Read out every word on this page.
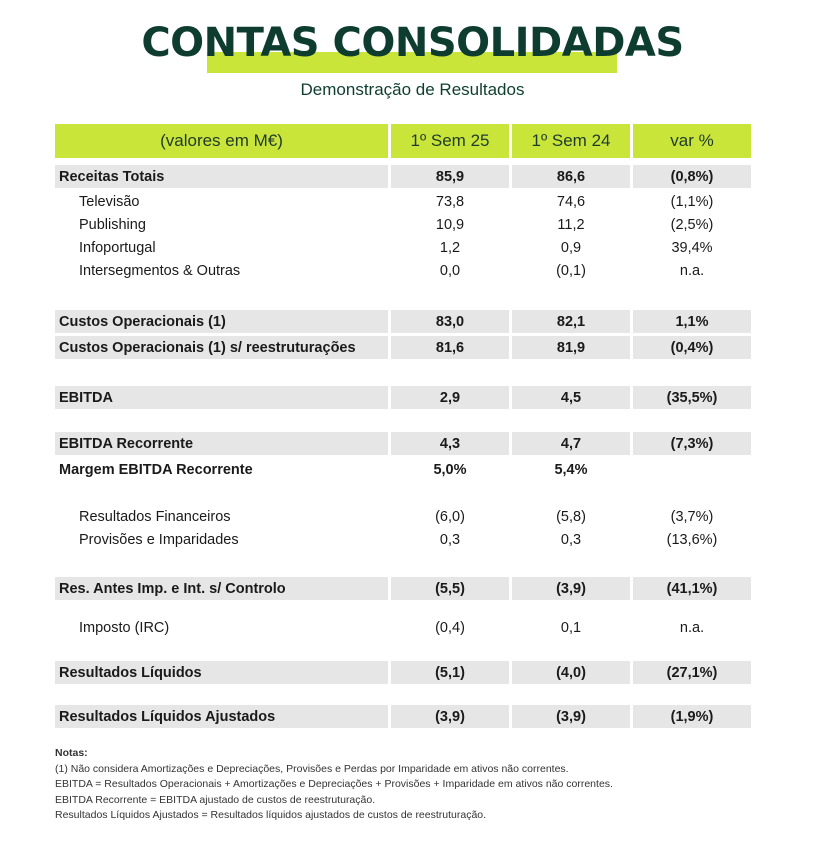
CONTAS CONSOLIDADAS
Demonstração de Resultados
(valores em M€)	1º Sem 25	1º Sem 24	var %
Receitas Totais	85,9	86,6	(0,8%)
Televisão	73,8	74,6	(1,1%)
Publishing	10,9	11,2	(2,5%)
Infoportugal	1,2	0,9	39,4%
Intersegmentos & Outras	0,0	(0,1)	n.a.
Custos Operacionais (1)	83,0	82,1	1,1%
Custos Operacionais (1) s/ reestruturações	81,6	81,9	(0,4%)
EBITDA	2,9	4,5	(35,5%)
EBITDA Recorrente	4,3	4,7	(7,3%)
Margem EBITDA Recorrente	5,0%	5,4%
Resultados Financeiros	(6,0)	(5,8)	(3,7%)
Provisões e Imparidades	0,3	0,3	(13,6%)
Res. Antes Imp. e Int. s/ Controlo	(5,5)	(3,9)	(41,1%)
Imposto (IRC)	(0,4)	0,1	n.a.
Resultados Líquidos	(5,1)	(4,0)	(27,1%)
Resultados Líquidos Ajustados	(3,9)	(3,9)	(1,9%)
Notas:
(1) Não considera Amortizações e Depreciações, Provisões e Perdas por Imparidade em ativos não correntes.
EBITDA = Resultados Operacionais + Amortizações e Depreciações + Provisões + Imparidade em ativos não correntes.
EBITDA Recorrente = EBITDA ajustado de custos de reestruturação.
Resultados Líquidos Ajustados = Resultados líquidos ajustados de custos de reestruturação.
